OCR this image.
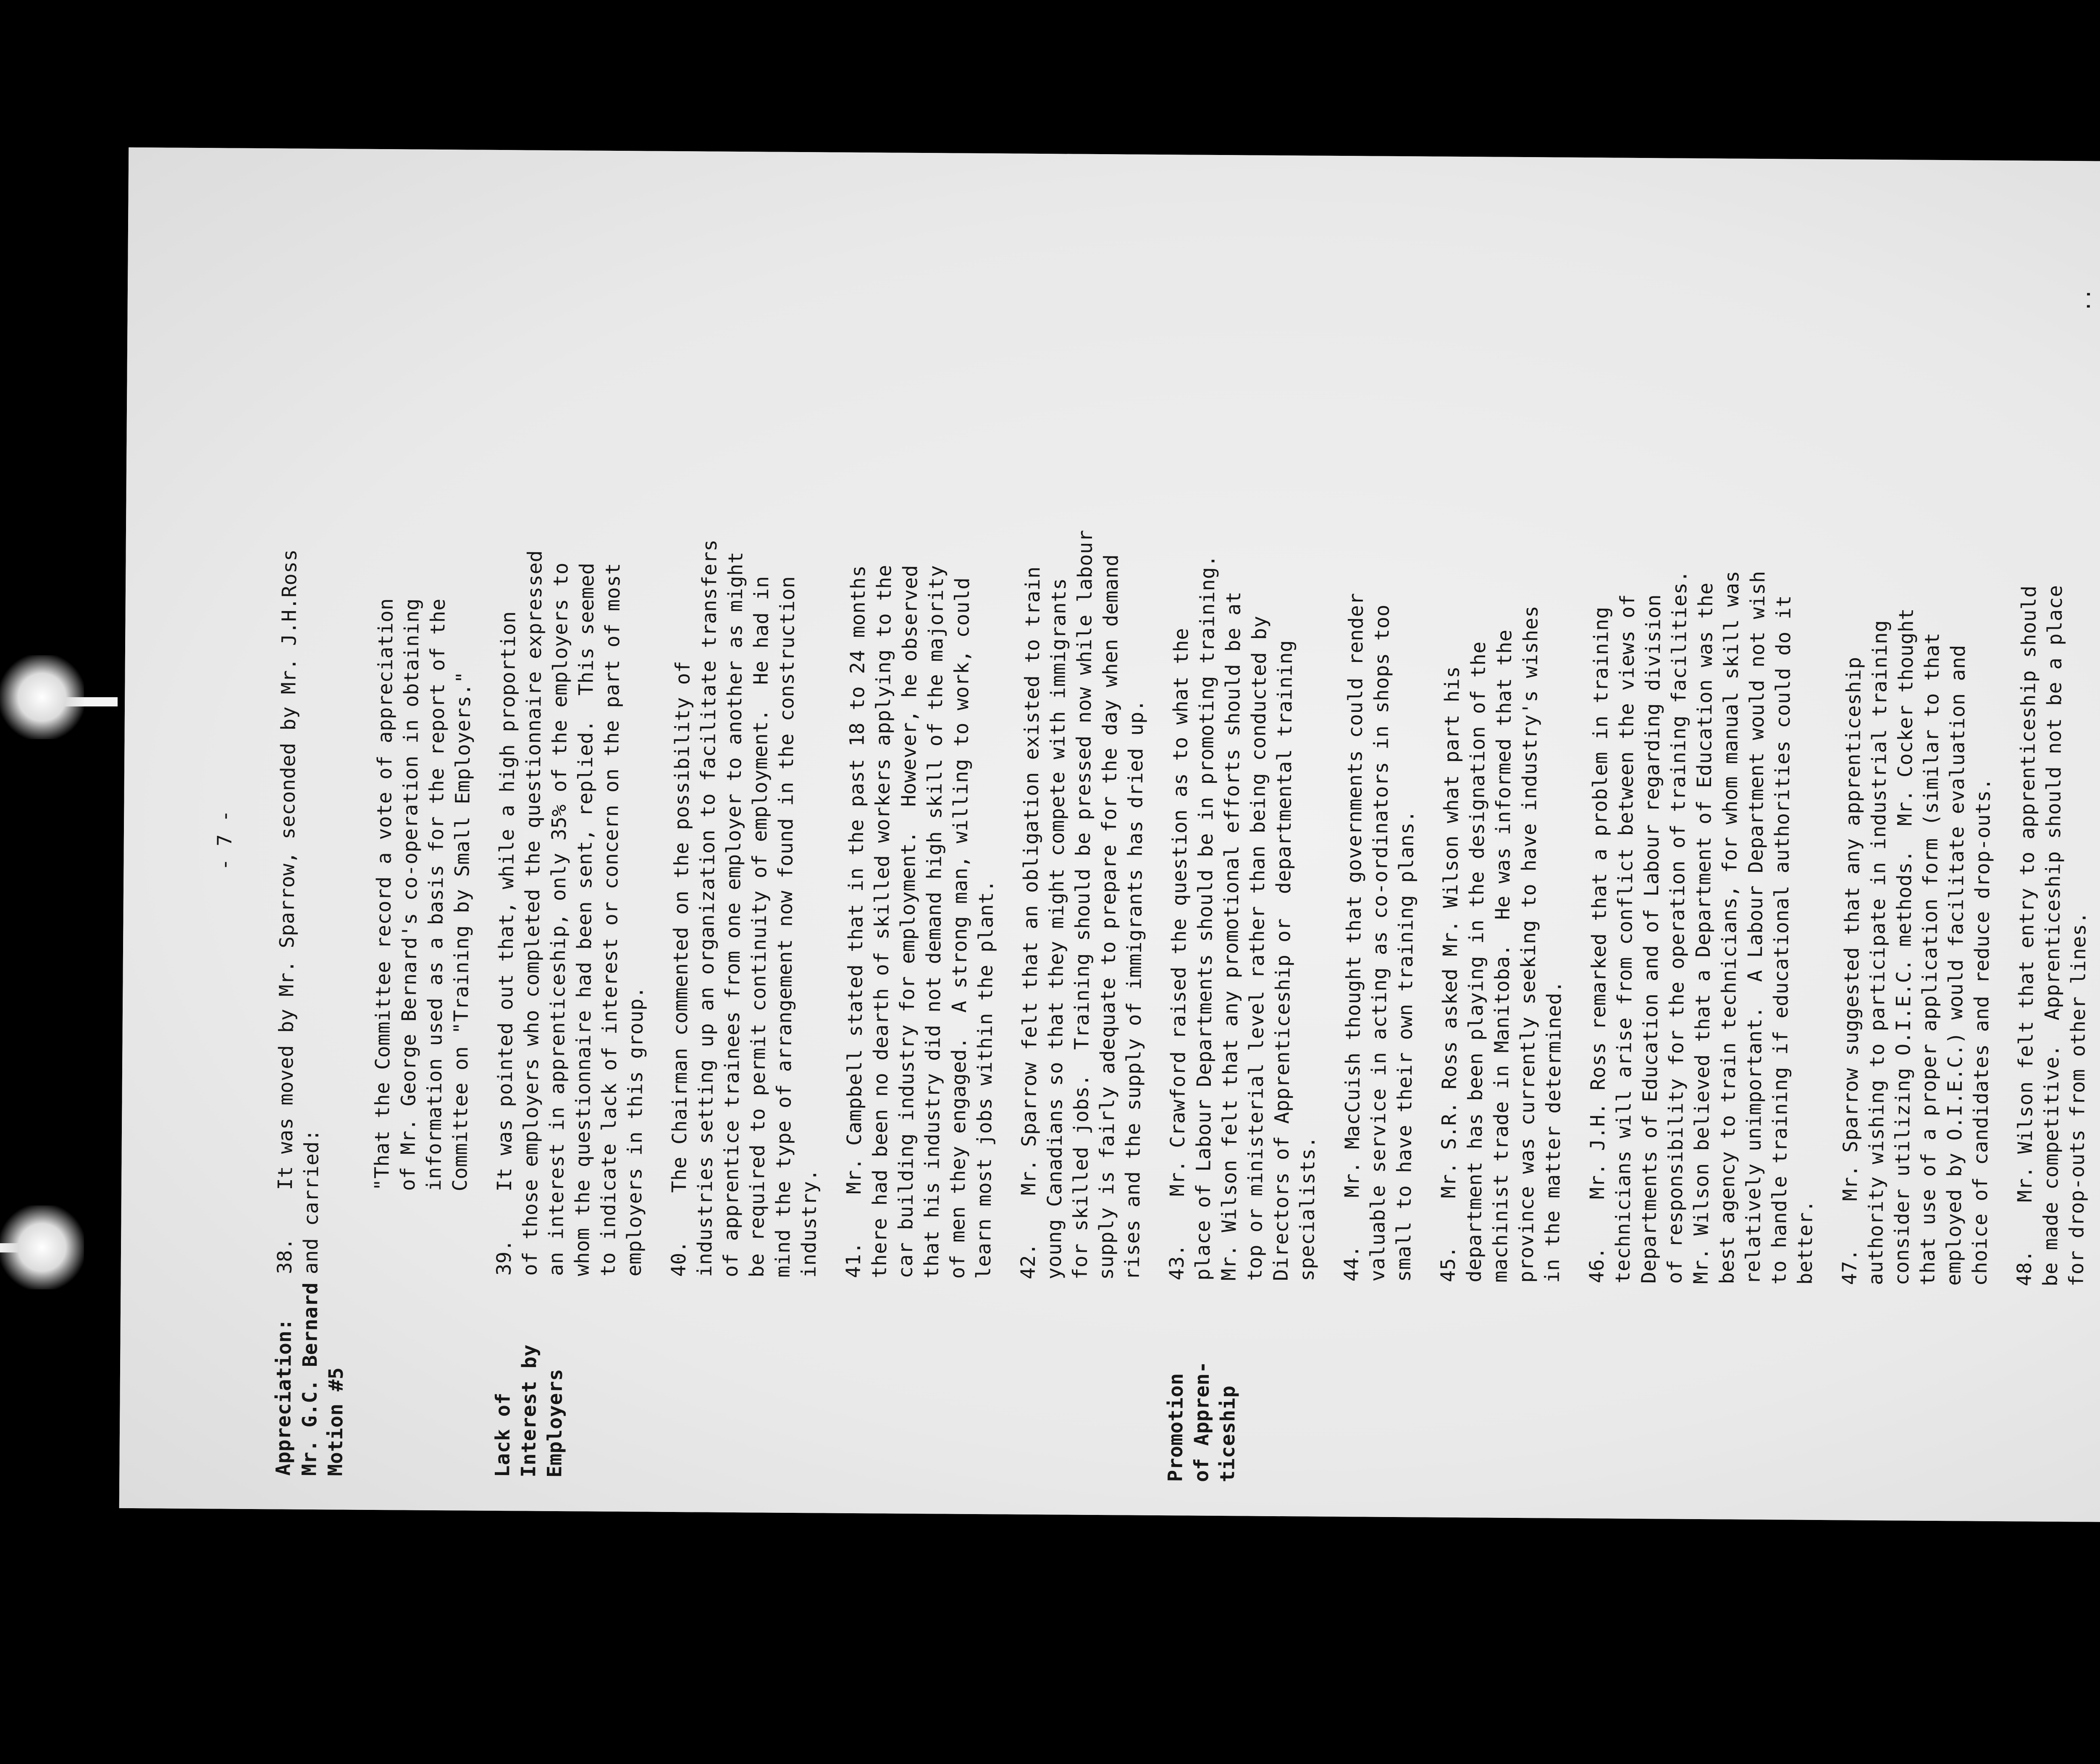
- 7 -
Appreciation: Mr. G.C. Bernard Motion #5
38.
It was moved by Mr. Sparrow, seconded by Mr. J.H.Ross
and carried:
"That the Committee record a vote of appreciation
of Mr. George Bernard's co-operation in obtaining
information used as a basis for the report of the
Committee on "Training by Small Employers."
Lack of Interest by Employers
39.
It was pointed out that, while a high proportion
of those employers who completed the questionnaire expressed
an interest in apprenticeship, only 35% of the employers to
whom the questionnaire had been sent, replied.  This seemed
to indicate lack of interest or concern on the part of most
employers in this group. 40.
The Chairman commented on the possibility of
industries setting up an organization to facilitate transfers
of apprentice trainees from one employer to another as might
be required to permit continuity of employment.  He had in
mind the type of arrangement now found in the construction
industry. 41.
Mr. Campbell stated that in the past 18 to 24 months
there had been no dearth of skilled workers applying to the
car building industry for employment.  However, he observed
that his industry did not demand high skill of the majority
of men they engaged.  A strong man, willing to work, could
learn most jobs within the plant. 42.
Mr. Sparrow felt that an obligation existed to train
young Canadians so that they might compete with immigrants
for skilled jobs.  Training should be pressed now while labour
supply is fairly adequate to prepare for the day when demand
rises and the supply of immigrants has dried up.
Promotion of Appren- ticeship
43.
Mr. Crawford raised the question as to what the
place of Labour Departments should be in promoting training.
Mr. Wilson felt that any promotional efforts should be at
top or ministerial level rather than being conducted by
Directors of Apprenticeship or  departmental training
specialists. 44.
Mr. MacCuish thought that governments could render
valuable service in acting as co-ordinators in shops too
small to have their own training plans. 45.
Mr. S.R. Ross asked Mr. Wilson what part his
department has been playing in the designation of the
machinist trade in Manitoba.  He was informed that the
province was currently seeking to have industry's wishes
in the matter determined. 46.
Mr. J.H. Ross remarked that a problem in training
technicians will arise from conflict between the views of
Departments of Education and of Labour regarding division
of responsibility for the operation of training facilities.
Mr. Wilson believed that a Department of Education was the
best agency to train technicians, for whom manual skill was
relatively unimportant.  A Labour Department would not wish
to handle training if educational authorities could do it
better. 47.
Mr. Sparrow suggested that any apprenticeship
authority wishing to participate in industrial training
consider utilizing O.I.E.C. methods.  Mr. Cocker thought
that use of a proper application form (similar to that
employed by O.I.E.C.) would facilitate evaluation and
choice of candidates and reduce drop-outs. 48.
Mr. Wilson felt that entry to apprenticeship should
be made competitive.  Apprenticeship should not be a place
for drop-outs from other lines.
..
